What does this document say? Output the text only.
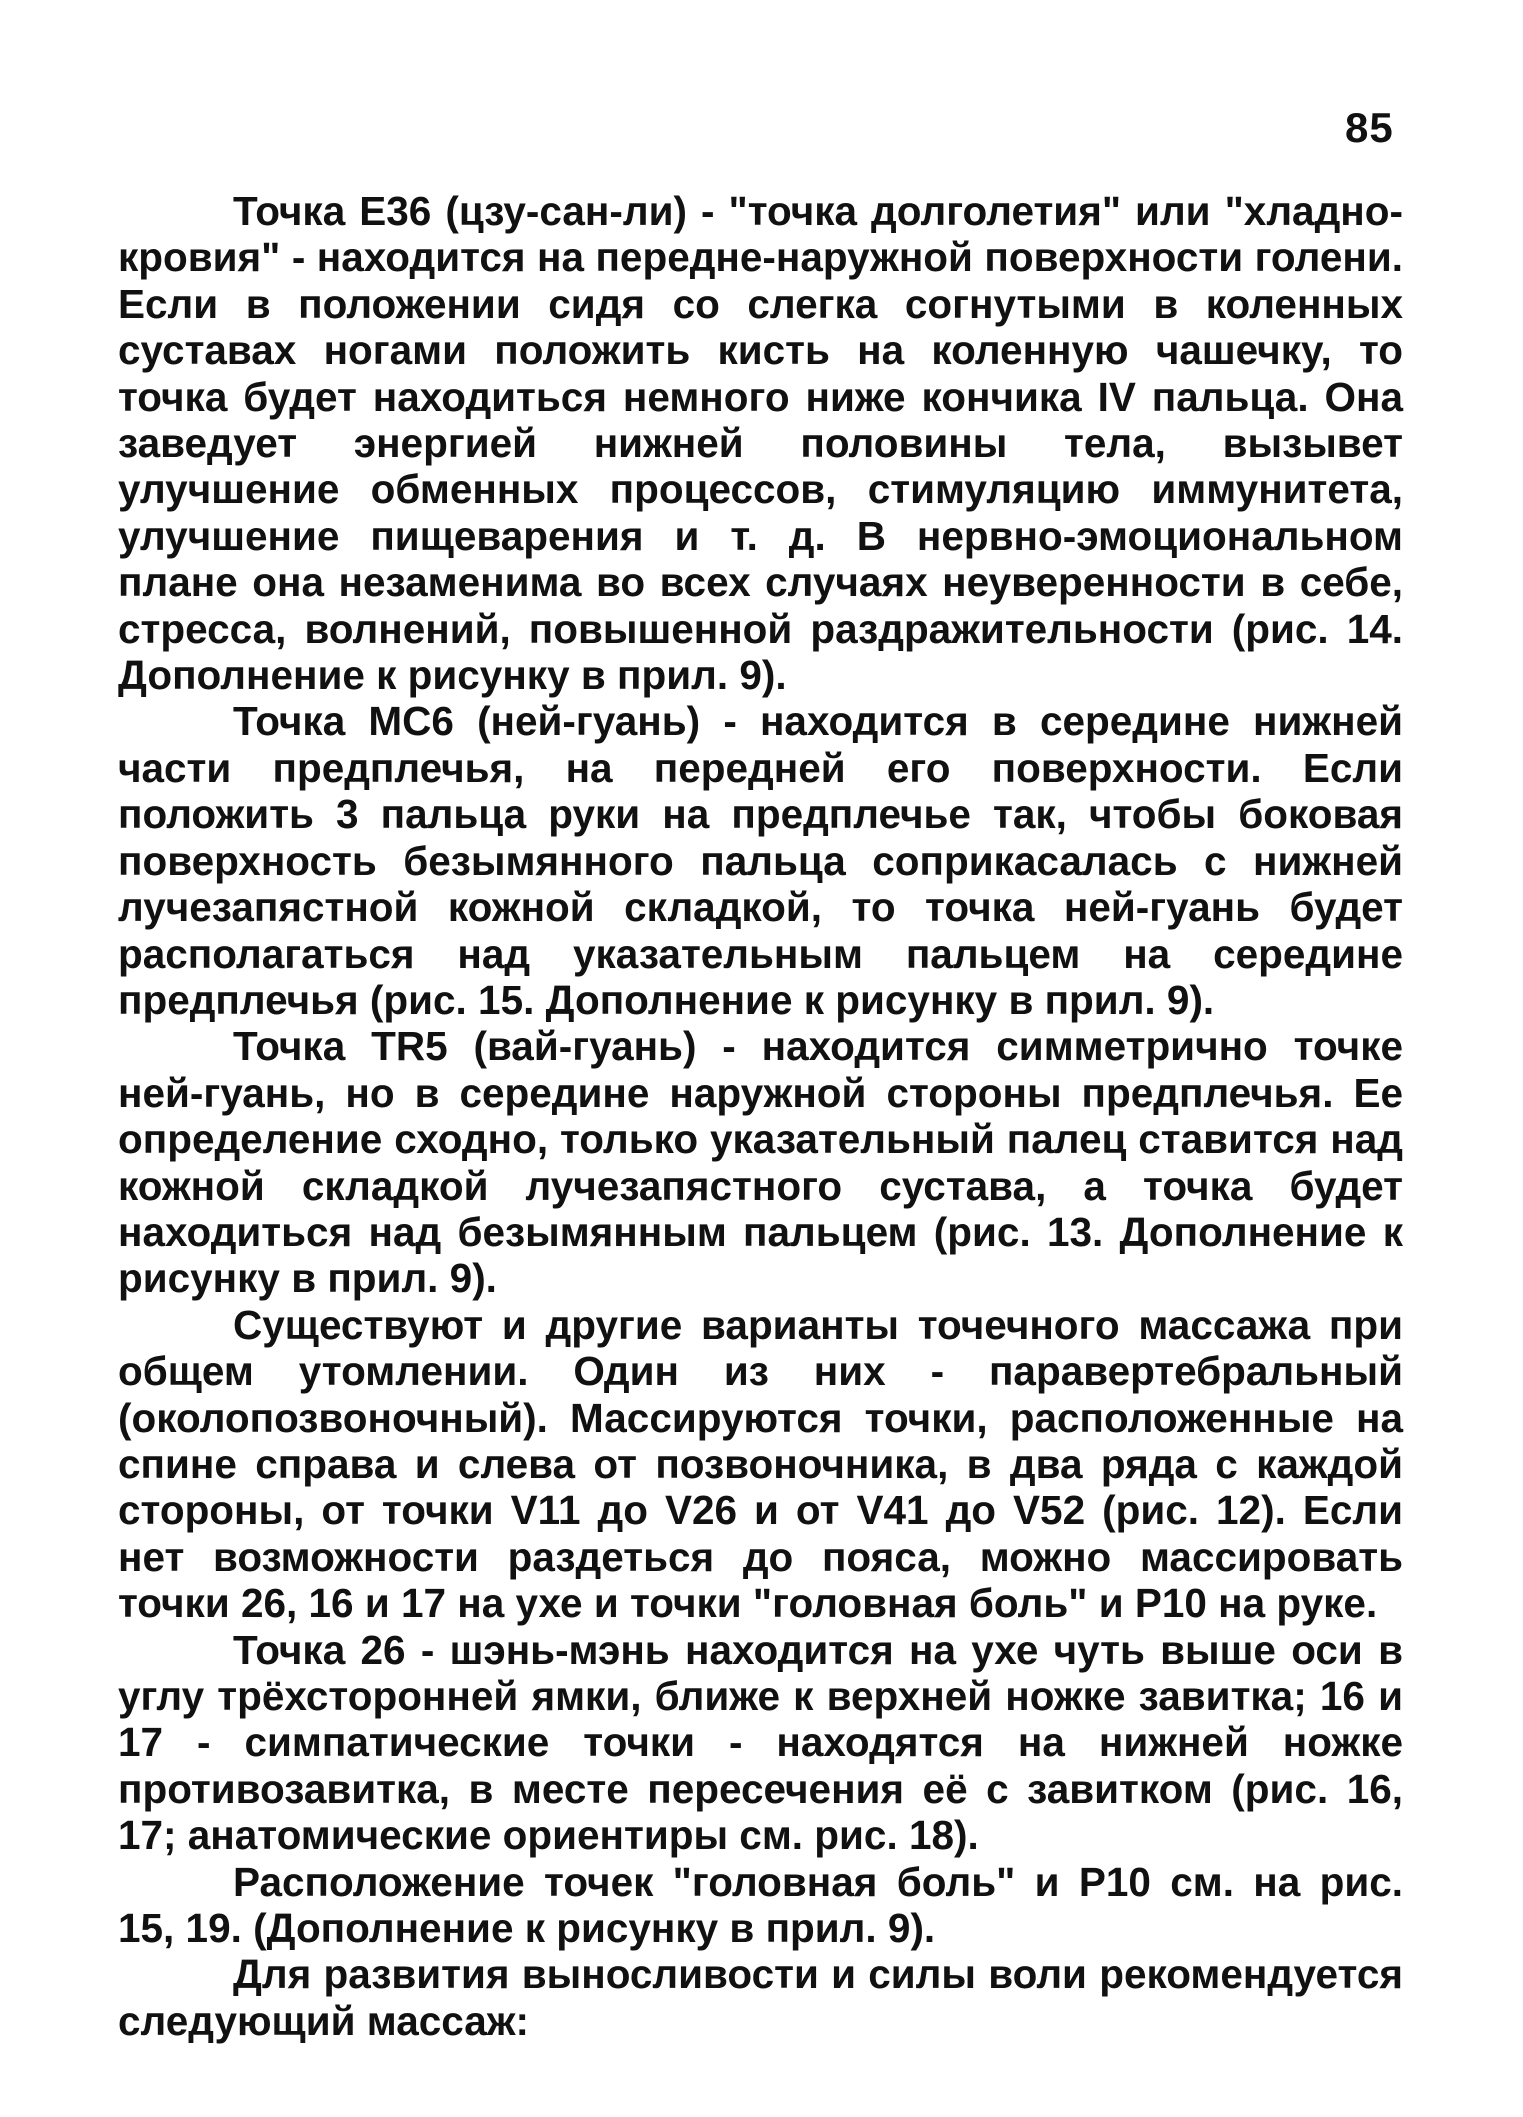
85

Точка Е36 (цзу-сан-ли) - "точка долголетия" или "хладнокровия" - находится на передне-наружной поверхности голени. Если в положении сидя со слегка согнутыми в коленных суставах ногами положить кисть на коленную чашечку, то точка будет находиться немного ниже кончика IV пальца. Она заведует энергией нижней половины тела, вызывет улучшение обменных процессов, стимуляцию иммунитета, улучшение пищеварения и т. д. В нервно-эмоциональном плане она незаменима во всех случаях неуверенности в себе, стресса, волнений, повышенной раздражительности (рис. 14. Дополнение к рисунку в прил. 9).

Точка МС6 (ней-гуань) - находится в середине нижней части предплечья, на передней его поверхности. Если положить 3 пальца руки на предплечье так, чтобы боковая поверхность безымянного пальца соприкасалась с нижней лучезапястной кожной складкой, то точка ней-гуань будет располагаться над указательным пальцем на середине предплечья (рис. 15. Дополнение к рисунку в прил. 9).

Точка TR5 (вай-гуань) - находится симметрично точке ней-гуань, но в середине наружной стороны предплечья. Ее определение сходно, только указательный палец ставится над кожной складкой лучезапястного сустава, а точка будет находиться над безымянным пальцем (рис. 13. Дополнение к рисунку в прил. 9).

Существуют и другие варианты точечного массажа при общем утомлении. Один из них - паравертебральный (околопозвоночный). Массируются точки, расположенные на спине справа и слева от позвоночника, в два ряда с каждой стороны, от точки V11 до V26 и от V41 до V52 (рис. 12). Если нет возможности раздеться до пояса, можно массировать точки 26, 16 и 17 на ухе и точки "головная боль" и Р10 на руке.

Точка 26 - шэнь-мэнь находится на ухе чуть выше оси в углу трёхсторонней ямки, ближе к верхней ножке завитка; 16 и 17 - симпатические точки - находятся на нижней ножке противозавитка, в месте пересечения её с завитком (рис. 16, 17; анатомические ориентиры см. рис. 18).

Расположение точек "головная боль" и Р10 см. на рис. 15, 19. (Дополнение к рисунку в прил. 9).

Для развития выносливости и силы воли рекомендуется следующий массаж:
